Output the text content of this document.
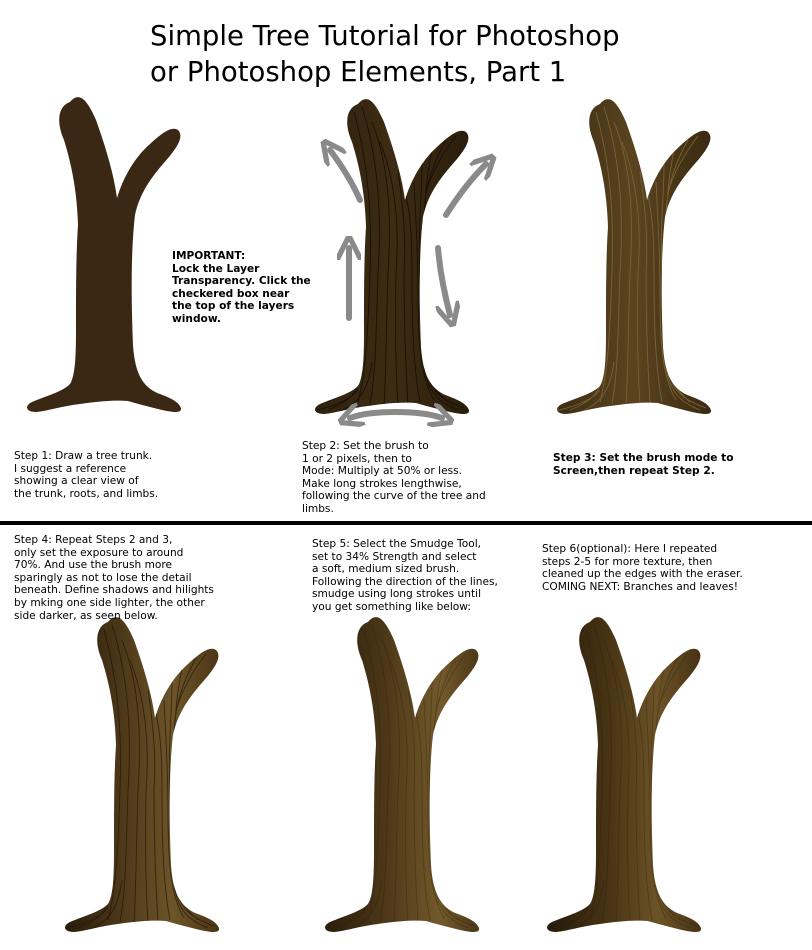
Simple Tree Tutorial for Photoshop
or Photoshop Elements, Part 1
IMPORTANT:
Lock the Layer
Transparency. Click the
checkered box near
the top of the layers
window.
Step 1: Draw a tree trunk.
I suggest a reference
showing a clear view of
the trunk, roots, and limbs.
Step 2: Set the brush to
1 or 2 pixels, then to
Mode: Multiply at 50% or less.
Make long strokes lengthwise,
following the curve of the tree and
limbs.
Step 3: Set the brush mode to
Screen,then repeat Step 2.
Step 4: Repeat Steps 2 and 3,
only set the exposure to around
70%. And use the brush more
sparingly as not to lose the detail
beneath. Define shadows and hilights
by mking one side lighter, the other
side darker, as seen below.
Step 5: Select the Smudge Tool,
set to 34% Strength and select
a soft, medium sized brush.
Following the direction of the lines,
smudge using long strokes until
you get something like below:
Step 6(optional): Here I repeated
steps 2-5 for more texture, then
cleaned up the edges with the eraser.
COMING NEXT: Branches and leaves!
